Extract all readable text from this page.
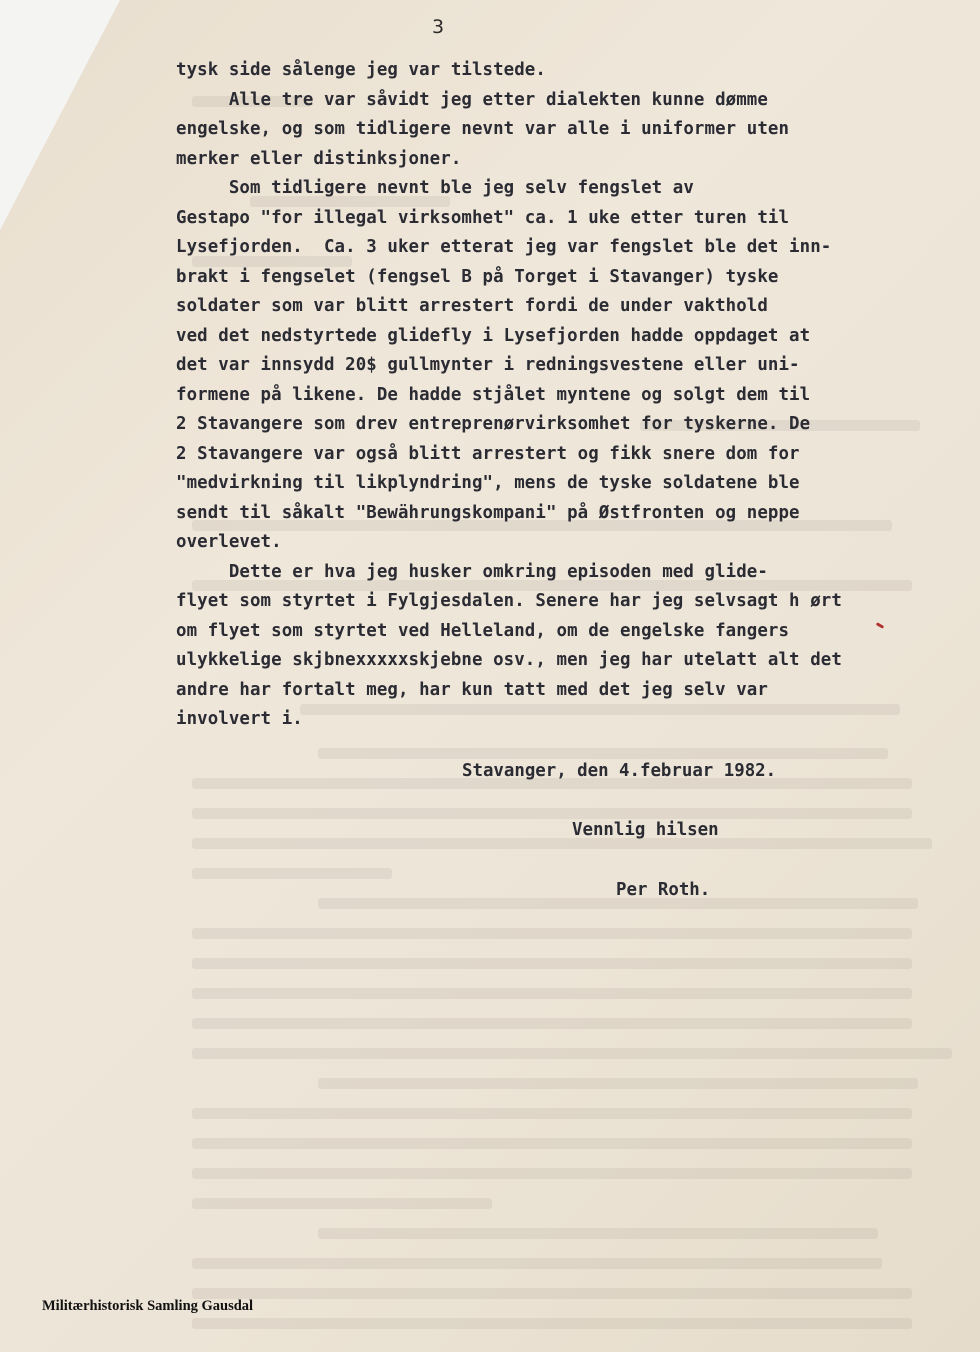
3
tysk side sålenge jeg var tilstede.
Alle tre var såvidt jeg etter dialekten kunne dømme
engelske, og som tidligere nevnt var alle i uniformer uten
merker eller distinksjoner.
Som tidligere nevnt ble jeg selv fengslet av
Gestapo "for illegal virksomhet" ca. 1 uke etter turen til
Lysefjorden.  Ca. 3 uker etterat jeg var fengslet ble det inn-
brakt i fengselet (fengsel B på Torget i Stavanger) tyske
soldater som var blitt arrestert fordi de under vakthold
ved det nedstyrtede glidefly i Lysefjorden hadde oppdaget at
det var innsydd 20$ gullmynter i redningsvestene eller uni-
formene på likene. De hadde stjålet myntene og solgt dem til
2 Stavangere som drev entreprenørvirksomhet for tyskerne. De
2 Stavangere var også blitt arrestert og fikk snere dom for
"medvirkning til likplyndring", mens de tyske soldatene ble
sendt til såkalt "Bewährungskompani" på Østfronten og neppe
overlevet.
Dette er hva jeg husker omkring episoden med glide-
flyet som styrtet i Fylgjesdalen. Senere har jeg selvsagt h ørt
om flyet som styrtet ved Helleland, om de engelske fangers
ulykkelige skjbnexxxxxskjebne osv., men jeg har utelatt alt det
andre har fortalt meg, har kun tatt med det jeg selv var
involvert i.
Stavanger, den 4.februar 1982.
Vennlig hilsen
Per Roth.
Militærhistorisk Samling Gausdal
